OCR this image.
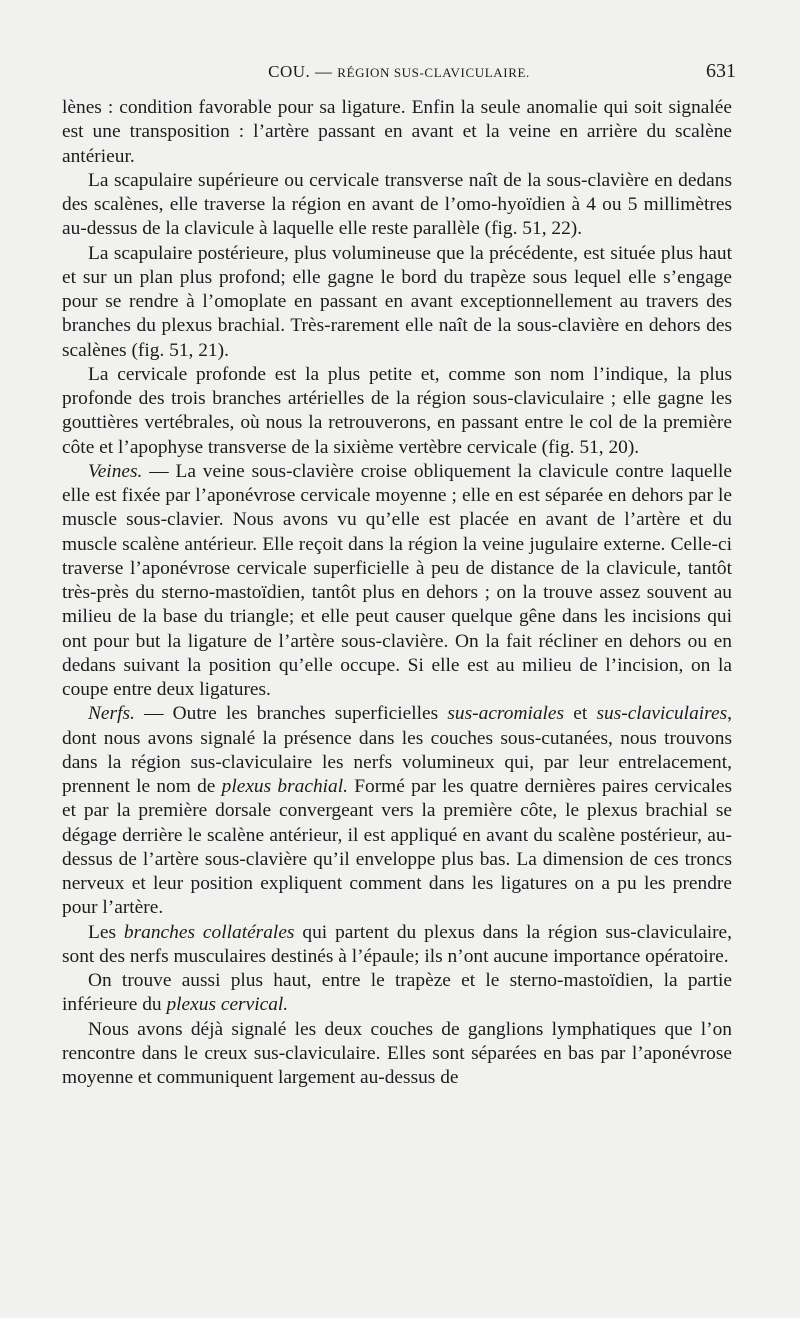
COU. — RÉGION SUS-CLAVICULAIRE.	631

lènes : condition favorable pour sa ligature. Enfin la seule anomalie qui soit signalée est une transposition : l’artère passant en avant et la veine en arrière du scalène antérieur.

La scapulaire supérieure ou cervicale transverse naît de la sous-clavière en dedans des scalènes, elle traverse la région en avant de l’omo-hyoïdien à 4 ou 5 millimètres au-dessus de la clavicule à laquelle elle reste parallèle (fig. 51, 22).

La scapulaire postérieure, plus volumineuse que la précédente, est située plus haut et sur un plan plus profond; elle gagne le bord du trapèze sous lequel elle s’engage pour se rendre à l’omoplate en passant en avant exceptionnellement au travers des branches du plexus brachial. Très-rarement elle naît de la sous-clavière en dehors des scalènes (fig. 51, 21).

La cervicale profonde est la plus petite et, comme son nom l’indique, la plus profonde des trois branches artérielles de la région sous-claviculaire ; elle gagne les gouttières vertébrales, où nous la retrouverons, en passant entre le col de la première côte et l’apophyse transverse de la sixième vertèbre cervicale (fig. 51, 20).

Veines. — La veine sous-clavière croise obliquement la clavicule contre laquelle elle est fixée par l’aponévrose cervicale moyenne ; elle en est séparée en dehors par le muscle sous-clavier. Nous avons vu qu’elle est placée en avant de l’artère et du muscle scalène antérieur. Elle reçoit dans la région la veine jugulaire externe. Celle-ci traverse l’aponévrose cervicale superficielle à peu de distance de la clavicule, tantôt très-près du sterno-mastoïdien, tantôt plus en dehors ; on la trouve assez souvent au milieu de la base du triangle; et elle peut causer quelque gêne dans les incisions qui ont pour but la ligature de l’artère sous-clavière. On la fait récliner en dehors ou en dedans suivant la position qu’elle occupe. Si elle est au milieu de l’incision, on la coupe entre deux ligatures.

Nerfs. — Outre les branches superficielles sus-acromiales et sus-claviculaires, dont nous avons signalé la présence dans les couches sous-cutanées, nous trouvons dans la région sus-claviculaire les nerfs volumineux qui, par leur entrelacement, prennent le nom de plexus brachial. Formé par les quatre dernières paires cervicales et par la première dorsale convergeant vers la première côte, le plexus brachial se dégage derrière le scalène antérieur, il est appliqué en avant du scalène postérieur, au-dessus de l’artère sous-clavière qu’il enveloppe plus bas. La dimension de ces troncs nerveux et leur position expliquent comment dans les ligatures on a pu les prendre pour l’artère.

Les branches collatérales qui partent du plexus dans la région sus-claviculaire, sont des nerfs musculaires destinés à l’épaule; ils n’ont aucune importance opératoire.

On trouve aussi plus haut, entre le trapèze et le sterno-mastoïdien, la partie inférieure du plexus cervical.

Nous avons déjà signalé les deux couches de ganglions lymphatiques que l’on rencontre dans le creux sus-claviculaire. Elles sont séparées en bas par l’aponévrose moyenne et communiquent largement au-dessus de
